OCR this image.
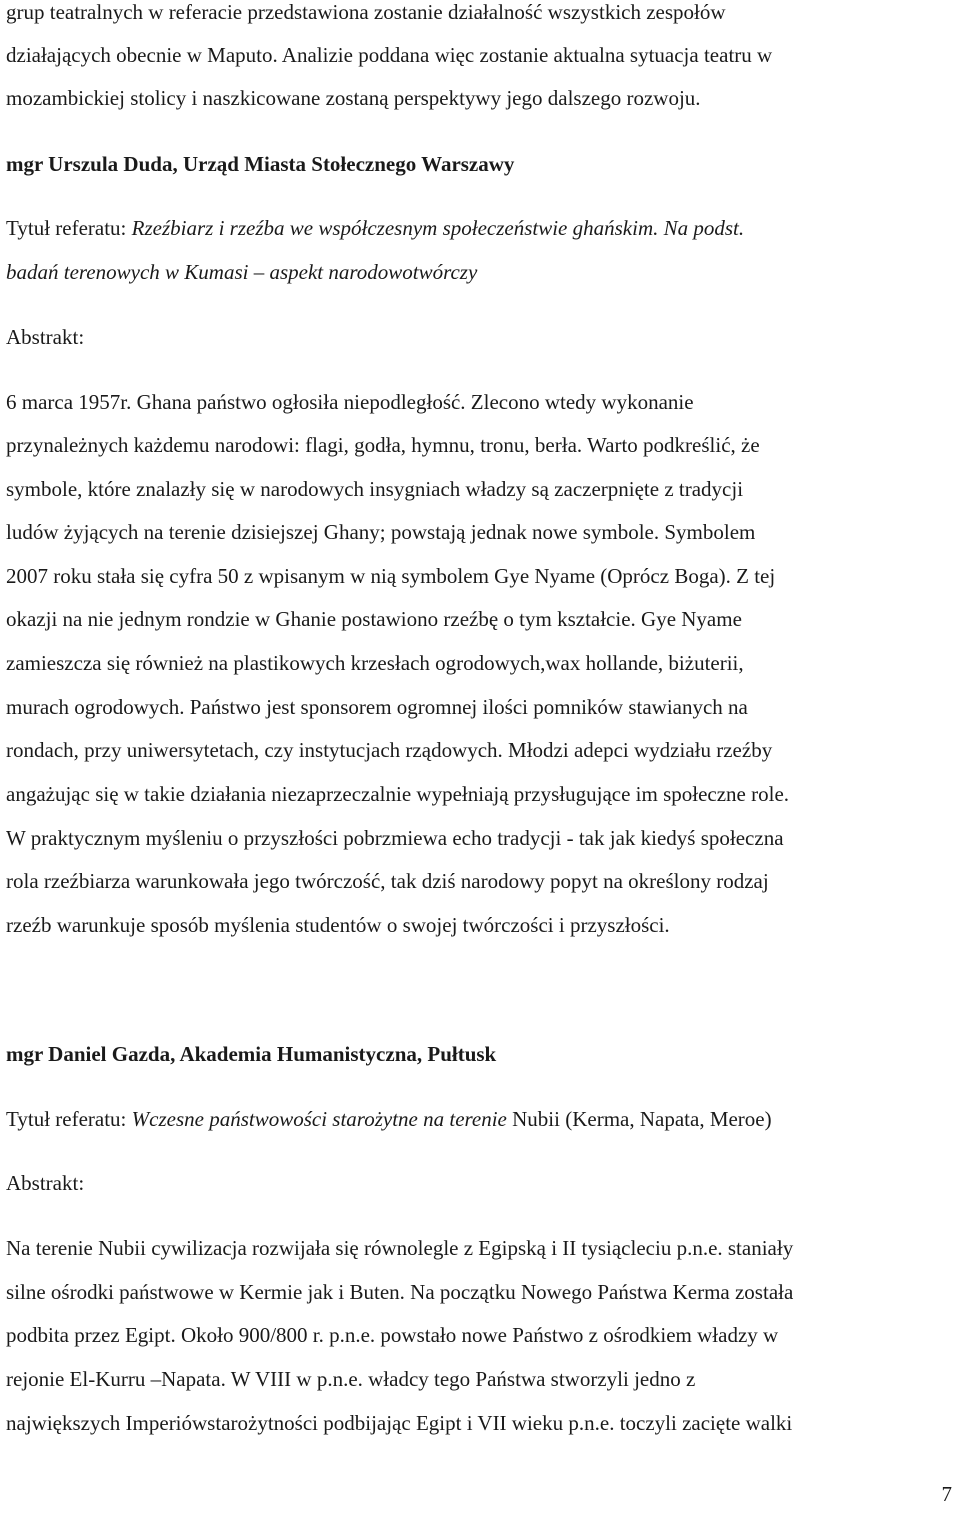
grup teatralnych w referacie przedstawiona zostanie działalność wszystkich zespołów
działających obecnie w Maputo. Analizie poddana więc zostanie aktualna sytuacja teatru w
mozambickiej stolicy i naszkicowane zostaną perspektywy jego dalszego rozwoju.
mgr Urszula Duda, Urząd Miasta Stołecznego Warszawy
Tytuł referatu: Rzeźbiarz i rzeźba we współczesnym społeczeństwie ghańskim. Na podst.
badań terenowych w Kumasi – aspekt narodowotwórczy
Abstrakt:
6 marca 1957r. Ghana państwo ogłosiła niepodległość. Zlecono wtedy wykonanie
przynależnych każdemu narodowi: flagi, godła, hymnu, tronu, berła. Warto podkreślić, że
symbole, które znalazły się w narodowych insygniach władzy są zaczerpnięte z tradycji
ludów żyjących na terenie dzisiejszej Ghany; powstają jednak nowe symbole. Symbolem
2007 roku stała się cyfra 50 z wpisanym w nią symbolem Gye Nyame (Oprócz Boga). Z tej
okazji na nie jednym rondzie w Ghanie postawiono rzeźbę o tym kształcie. Gye Nyame
zamieszcza się również na plastikowych krzesłach ogrodowych,wax hollande, biżuterii,
murach ogrodowych. Państwo jest sponsorem ogromnej ilości pomników stawianych na
rondach, przy uniwersytetach, czy instytucjach rządowych. Młodzi adepci wydziału rzeźby
angażując się w takie działania niezaprzeczalnie wypełniają przysługujące im społeczne role.
W praktycznym myśleniu o przyszłości pobrzmiewa echo tradycji - tak jak kiedyś społeczna
rola rzeźbiarza warunkowała jego twórczość, tak dziś narodowy popyt na określony rodzaj
rzeźb warunkuje sposób myślenia studentów o swojej twórczości i przyszłości.
mgr Daniel Gazda, Akademia Humanistyczna, Pułtusk
Tytuł referatu: Wczesne państwowości starożytne na terenie Nubii (Kerma, Napata, Meroe)
Abstrakt:
Na terenie Nubii cywilizacja rozwijała się równolegle z Egipską i II tysiącleciu p.n.e. staniały
silne ośrodki państwowe w Kermie jak i Buten. Na początku Nowego Państwa Kerma została
podbita przez Egipt. Około 900/800 r. p.n.e. powstało nowe Państwo z ośrodkiem władzy w
rejonie El-Kurru –Napata. W VIII w p.n.e. władcy tego Państwa stworzyli jedno z
największych Imperiówstarożytności podbijając Egipt i VII wieku p.n.e. toczyli zacięte walki
7
